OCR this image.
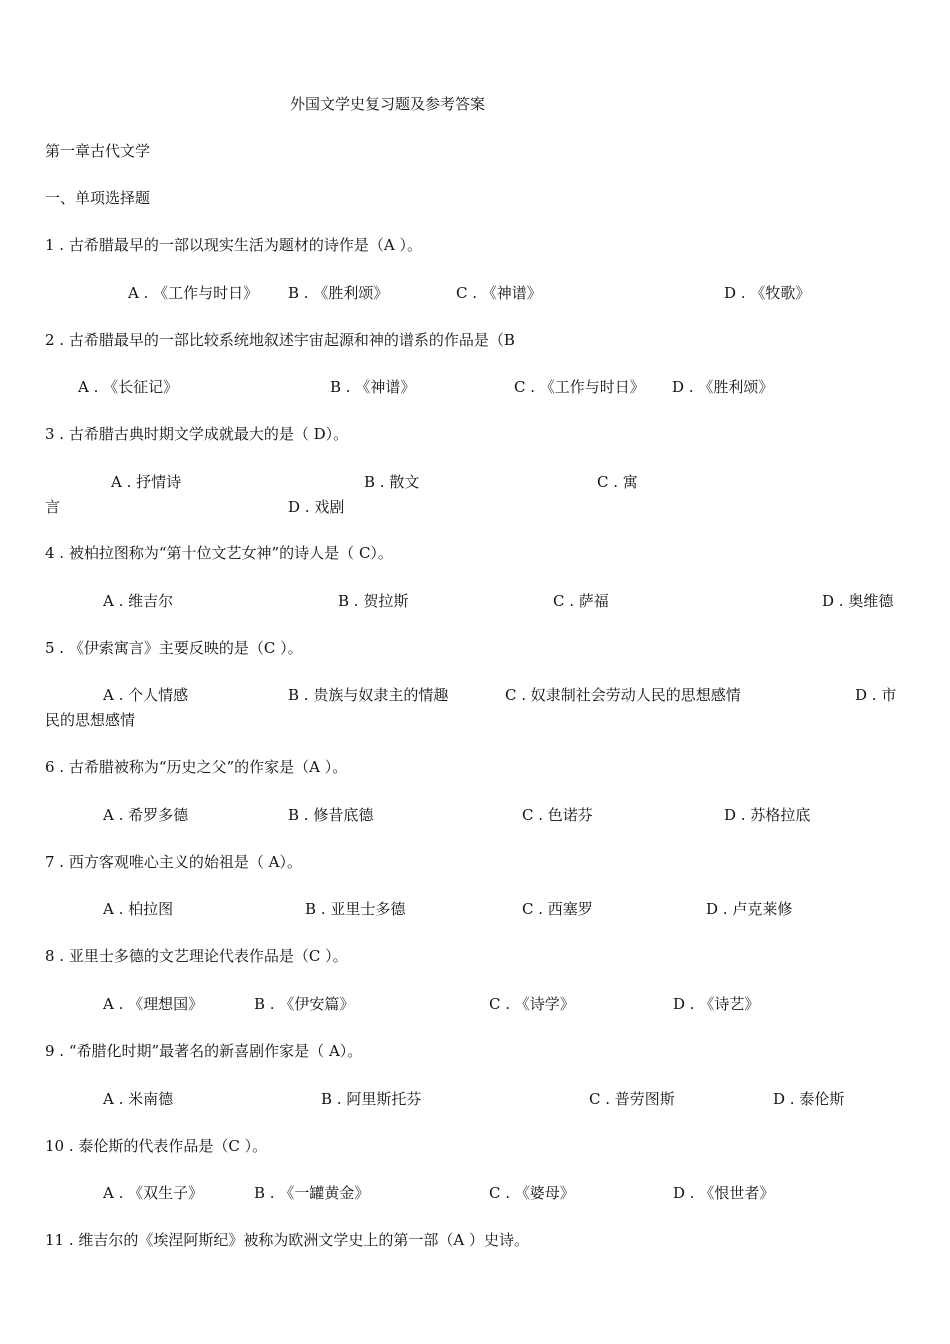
外国文学史复习题及参考答案
第一章古代文学
一、单项选择题
1 . 古希腊最早的一部以现实生活为题材的诗作是（A ）。
A . 《工作与时日》 B . 《胜利颂》	C . 《神谱》	D . 《牧歌》
2 . 古希腊最早的一部比较系统地叙述宇宙起源和神的谱系的作品是（B
A . 《长征记》	B . 《神谱》	C . 《工作与时日》 D . 《胜利颂》
3 . 古希腊古典时期文学成就最大的是（ D）。
A . 抒情诗	B . 散文	C . 寓
言	D . 戏剧
4 . 被柏拉图称为“第十位文艺女神”的诗人是（ C）。
A . 维吉尔	B . 贺拉斯	C . 萨福	D . 奥维德
5 . 《伊索寓言》主要反映的是（C ）。
A . 个人情感	B . 贵族与奴隶主的情趣	C . 奴隶制社会劳动人民的思想感情	D . 市
民的思想感情
6 . 古希腊被称为“历史之父”的作家是（A ）。
A . 希罗多德	B . 修昔底德	C . 色诺芬	D . 苏格拉底
7 . 西方客观唯心主义的始祖是（ A）。
A . 柏拉图	B . 亚里士多德	C . 西塞罗	D . 卢克莱修
8 . 亚里士多德的文艺理论代表作品是（C ）。
A . 《理想国》	B . 《伊安篇》	C . 《诗学》	D . 《诗艺》
9 . “希腊化时期”最著名的新喜剧作家是（ A）。
A . 米南德	B . 阿里斯托芬	C . 普劳图斯	D . 泰伦斯
10 . 泰伦斯的代表作品是（C ）。
A . 《双生子》	B . 《一罐黄金》	C . 《婆母》	D . 《恨世者》
11 . 维吉尔的《埃涅阿斯纪》被称为欧洲文学史上的第一部（A ）史诗。
